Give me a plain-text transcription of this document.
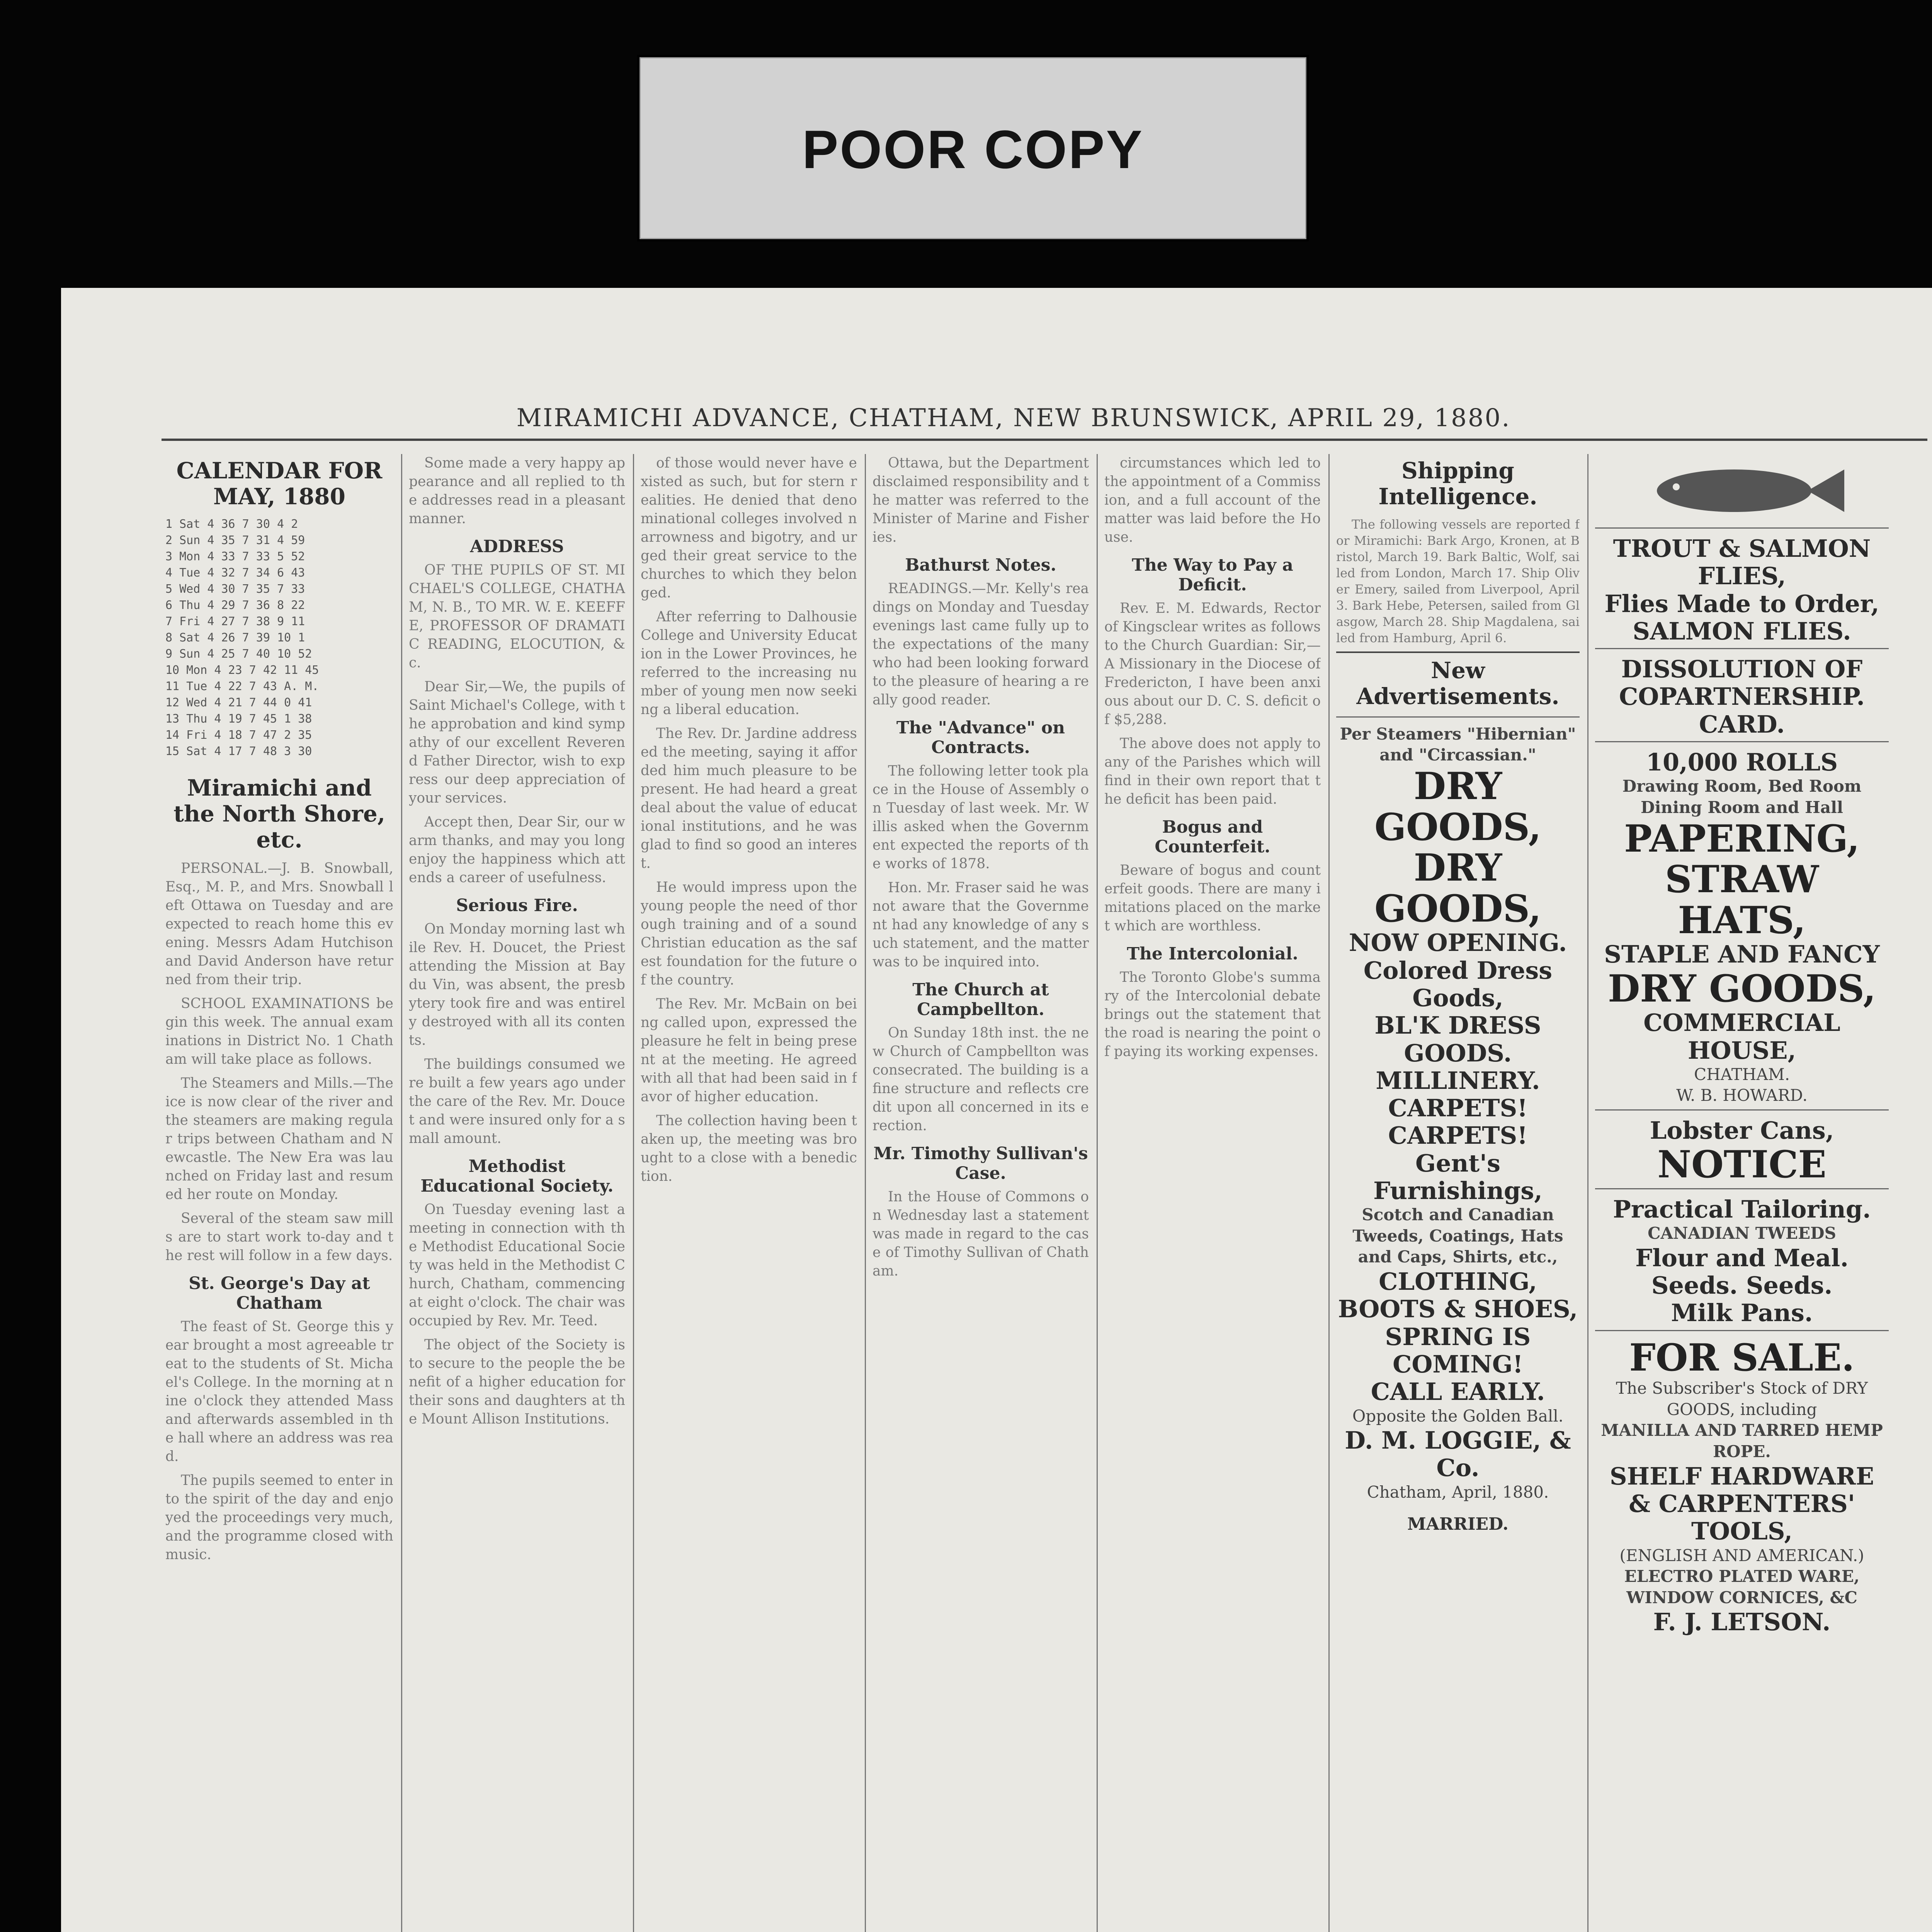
POOR COPY
MIRAMICHI ADVANCE, CHATHAM, NEW BRUNSWICK, APRIL 29, 1880.
CALENDAR FOR MAY, 1880
1 Sat 4 36 7 30 4 2
2 Sun 4 35 7 31 4 59
3 Mon 4 33 7 33 5 52
4 Tue 4 32 7 34 6 43
5 Wed 4 30 7 35 7 33
6 Thu 4 29 7 36 8 22
7 Fri 4 27 7 38 9 11
8 Sat 4 26 7 39 10 1
9 Sun 4 25 7 40 10 52
10 Mon 4 23 7 42 11 45
11 Tue 4 22 7 43 A. M.
12 Wed 4 21 7 44 0 41
13 Thu 4 19 7 45 1 38
14 Fri 4 18 7 47 2 35
15 Sat 4 17 7 48 3 30
Miramichi and the North Shore, etc.

PERSONAL.—J. B. Snowball, Esq., M. P., and Mrs. Snowball left Ottawa on Tuesday and are expected to reach home this evening. Messrs Adam Hutchison and David Anderson have returned from their trip.

SCHOOL EXAMINATIONS begin this week. The annual examinations in District No. 1 Chatham will take place as follows.

The Steamers and Mills.—The ice is now clear of the river and the steamers are making regular trips between Chatham and Newcastle. The New Era was launched on Friday last and resumed her route on Monday.

Several of the steam saw mills are to start work to-day and the rest will follow in a few days.

St. George's Day at Chatham

The feast of St. George this year brought a most agreeable treat to the students of St. Michael's College. In the morning at nine o'clock they attended Mass and afterwards assembled in the hall where an address was read.

The pupils seemed to enter into the spirit of the day and enjoyed the proceedings very much, and the programme closed with music.

Some made a very happy appearance and all replied to the addresses read in a pleasant manner.

ADDRESS

OF THE PUPILS OF ST. MICHAEL'S COLLEGE, CHATHAM, N. B., TO MR. W. E. KEEFFE, PROFESSOR OF DRAMATIC READING, ELOCUTION, &c.

Dear Sir,—We, the pupils of Saint Michael's College, with the approbation and kind sympathy of our excellent Reverend Father Director, wish to express our deep appreciation of your services.

Accept then, Dear Sir, our warm thanks, and may you long enjoy the happiness which attends a career of usefulness.

Serious Fire.

On Monday morning last while Rev. H. Doucet, the Priest attending the Mission at Bay du Vin, was absent, the presbytery took fire and was entirely destroyed with all its contents.

The buildings consumed were built a few years ago under the care of the Rev. Mr. Doucet and were insured only for a small amount.

Methodist Educational Society.

On Tuesday evening last a meeting in connection with the Methodist Educational Society was held in the Methodist Church, Chatham, commencing at eight o'clock. The chair was occupied by Rev. Mr. Teed.

The object of the Society is to secure to the people the benefit of a higher education for their sons and daughters at the Mount Allison Institutions.

of those would never have existed as such, but for stern realities. He denied that denominational colleges involved narrowness and bigotry, and urged their great service to the churches to which they belonged.

After referring to Dalhousie College and University Education in the Lower Provinces, he referred to the increasing number of young men now seeking a liberal education.

The Rev. Dr. Jardine addressed the meeting, saying it afforded him much pleasure to be present. He had heard a great deal about the value of educational institutions, and he was glad to find so good an interest.

He would impress upon the young people the need of thorough training and of a sound Christian education as the safest foundation for the future of the country.

The Rev. Mr. McBain on being called upon, expressed the pleasure he felt in being present at the meeting. He agreed with all that had been said in favor of higher education.

The collection having been taken up, the meeting was brought to a close with a benediction.

Ottawa, but the Department disclaimed responsibility and the matter was referred to the Minister of Marine and Fisheries.

Bathurst Notes.

READINGS.—Mr. Kelly's readings on Monday and Tuesday evenings last came fully up to the expectations of the many who had been looking forward to the pleasure of hearing a really good reader.

The "Advance" on Contracts.

The following letter took place in the House of Assembly on Tuesday of last week. Mr. Willis asked when the Government expected the reports of the works of 1878.

Hon. Mr. Fraser said he was not aware that the Government had any knowledge of any such statement, and the matter was to be inquired into.

The Church at Campbellton.

On Sunday 18th inst. the new Church of Campbellton was consecrated. The building is a fine structure and reflects credit upon all concerned in its erection.

Mr. Timothy Sullivan's Case.

In the House of Commons on Wednesday last a statement was made in regard to the case of Timothy Sullivan of Chatham.

circumstances which led to the appointment of a Commission, and a full account of the matter was laid before the House.

The Way to Pay a Deficit.

Rev. E. M. Edwards, Rector of Kingsclear writes as follows to the Church Guardian: Sir,—A Missionary in the Diocese of Fredericton, I have been anxious about our D. C. S. deficit of $5,288.

The above does not apply to any of the Parishes which will find in their own report that the deficit has been paid.

Bogus and Counterfeit.

Beware of bogus and counterfeit goods. There are many imitations placed on the market which are worthless.

The Intercolonial.

The Toronto Globe's summary of the Intercolonial debate brings out the statement that the road is nearing the point of paying its working expenses.

Shipping Intelligence.

The following vessels are reported for Miramichi: Bark Argo, Kronen, at Bristol, March 19. Bark Baltic, Wolf, sailed from London, March 17. Ship Oliver Emery, sailed from Liverpool, April 3. Bark Hebe, Petersen, sailed from Glasgow, March 28. Ship Magdalena, sailed from Hamburg, April 6.

New Advertisements.
Per Steamers "Hibernian" and "Circassian."
DRY GOODS,
DRY GOODS,
NOW OPENING.
Colored Dress Goods,
BL'K DRESS GOODS.
MILLINERY.
CARPETS! CARPETS!
Gent's Furnishings,
Scotch and Canadian Tweeds, Coatings, Hats and Caps, Shirts, etc.,
CLOTHING,
BOOTS & SHOES,
SPRING IS COMING!
CALL EARLY.
Opposite the Golden Ball.
D. M. LOGGIE, & Co.
Chatham, April, 1880.
MARRIED.
TROUT & SALMON FLIES,
Flies Made to Order,
SALMON FLIES.
DISSOLUTION OF COPARTNERSHIP.
CARD.
10,000 ROLLS
Drawing Room, Bed Room Dining Room and Hall
PAPERING,
STRAW HATS,
STAPLE AND FANCY
DRY GOODS,
COMMERCIAL HOUSE,
CHATHAM.
W. B. HOWARD.
Lobster Cans,
NOTICE
Practical Tailoring.
CANADIAN TWEEDS
Flour and Meal.
Seeds. Seeds.
Milk Pans.
FOR SALE.
The Subscriber's Stock of DRY GOODS, including
MANILLA AND TARRED HEMP ROPE.
SHELF HARDWARE & CARPENTERS' TOOLS,
(ENGLISH AND AMERICAN.)
ELECTRO PLATED WARE, WINDOW CORNICES, &C
F. J. LETSON.
